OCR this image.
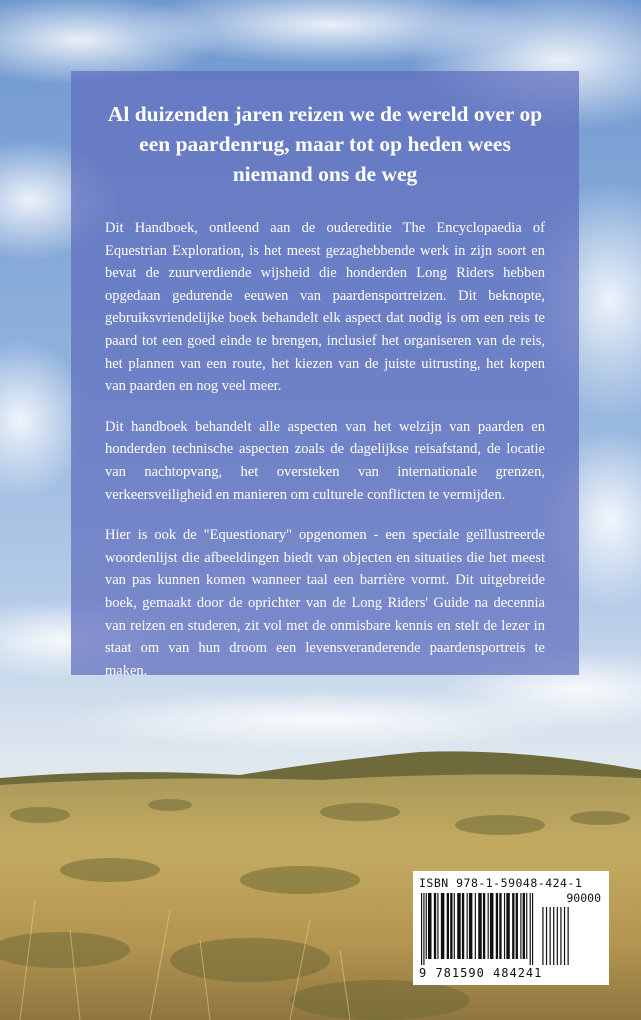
Al duizenden jaren reizen we de wereld over op een paardenrug, maar tot op heden wees niemand ons de weg

Dit Handboek, ontleend aan de oudereditie The Encyclopaedia of Equestrian Exploration, is het meest gezaghebbende werk in zijn soort en bevat de zuurverdiende wijsheid die honderden Long Riders hebben opgedaan gedurende eeuwen van paardensportreizen. Dit beknopte, gebruiksvriendelijke boek behandelt elk aspect dat nodig is om een reis te paard tot een goed einde te brengen, inclusief het organiseren van de reis, het plannen van een route, het kiezen van de juiste uitrusting, het kopen van paarden en nog veel meer.

Dit handboek behandelt alle aspecten van het welzijn van paarden en honderden technische aspecten zoals de dagelijkse reisafstand, de locatie van nachtopvang, het oversteken van internationale grenzen, verkeersveiligheid en manieren om culturele conflicten te vermijden.

Hier is ook de "Equestionary" opgenomen - een speciale geïllustreerde woordenlijst die afbeeldingen biedt van objecten en situaties die het meest van pas kunnen komen wanneer taal een barrière vormt. Dit uitgebreide boek, gemaakt door de oprichter van de Long Riders' Guide na decennia van reizen en studeren, zit vol met de onmisbare kennis en stelt de lezer in staat om van hun droom een levensveranderende paardensportreis te maken.

ISBN 978-1-59048-424-1
90000
9 781590 484241
